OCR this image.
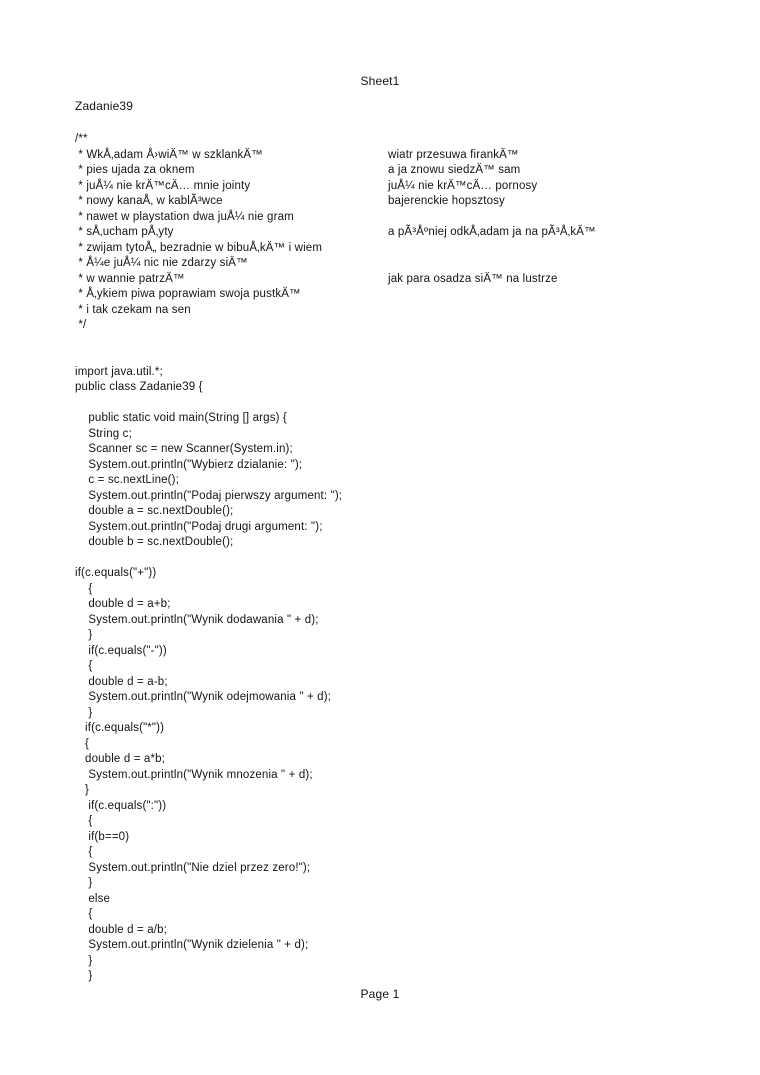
Sheet1
Zadanie39
/**
* WkÅ‚adam Å›wiÄ™ w szklankÄ™
* pies ujada za oknem
* juÅ¼ nie krÄ™cÄ… mnie jointy
* nowy kanaÅ‚ w kablÃ³wce
* nawet w playstation dwa juÅ¼ nie gram
* sÅ‚ucham pÅ‚yty
* zwijam tytoÅ„ bezradnie w bibuÅ‚kÄ™ i wiem
* Å¼e juÅ¼ nic nie zdarzy siÄ™
* w wannie patrzÄ™
* Å‚ykiem piwa poprawiam swoja pustkÄ™
* i tak czekam na sen
*/
wiatr przesuwa firankÄ™
a ja znowu siedzÄ™ sam
juÅ¼ nie krÄ™cÄ… pornosy
bajerenckie hopsztosy
a pÃ³Åºniej odkÅ‚adam ja na pÃ³Å‚kÄ™
jak para osadza siÄ™ na lustrze
import java.util.*;
public class Zadanie39 {
public static void main(String [] args) {
String c;
Scanner sc = new Scanner(System.in);
System.out.println("Wybierz dzialanie: ");
c = sc.nextLine();
System.out.println("Podaj pierwszy argument: ");
double a = sc.nextDouble();
System.out.println("Podaj drugi argument: ");
double b = sc.nextDouble();
if(c.equals("+"))
{
double d = a+b;
System.out.println("Wynik dodawania " + d);
}
if(c.equals("-"))
{
double d = a-b;
System.out.println("Wynik odejmowania " + d);
}
if(c.equals("*"))
{
double d = a*b;
System.out.println("Wynik mnozenia " + d);
}
if(c.equals(":"))
{
if(b==0)
{
System.out.println("Nie dziel przez zero!");
}
else
{
double d = a/b;
System.out.println("Wynik dzielenia " + d);
}
}
Page 1
